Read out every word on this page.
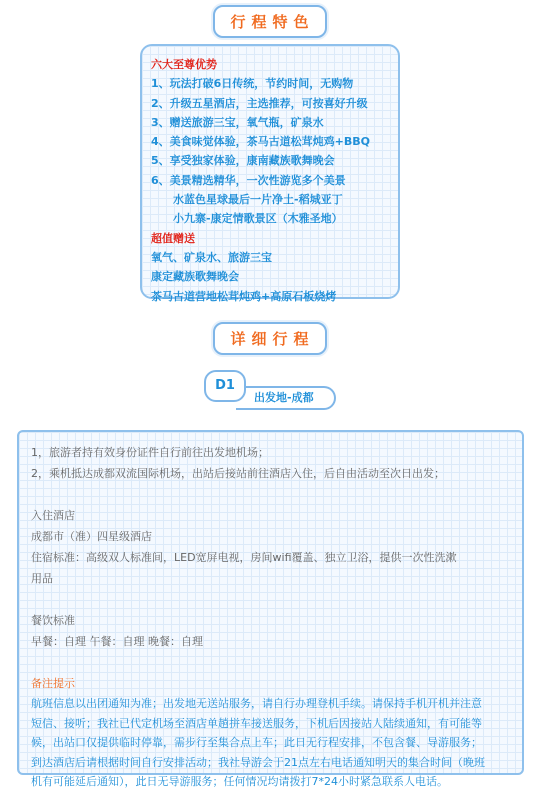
行程特色
六大至尊优势
1、玩法打破6日传统，节约时间，无购物
2、升级五星酒店，主选推荐，可按喜好升级
3、赠送旅游三宝，氧气瓶，矿泉水
4、美食味觉体验，茶马古道松茸炖鸡+BBQ
5、享受独家体验，康南藏族歌舞晚会
6、美景精选精华，一次性游览多个美景
水蓝色星球最后一片净土-稻城亚丁
小九寨-康定情歌景区（木雅圣地）
超值赠送
氧气、矿泉水、旅游三宝
康定藏族歌舞晚会
茶马古道营地松茸炖鸡+高原石板烧烤
详细行程
出发地-成都
D1
1，旅游者持有效身份证件自行前往出发地机场；
2，乘机抵达成都双流国际机场，出站后接站前往酒店入住，后自由活动至次日出发；
入住酒店
成都市（准）四星级酒店
住宿标准：高级双人标准间，LED宽屏电视，房间wifi覆盖、独立卫浴，提供一次性洗漱
用品
餐饮标准
早餐：自理 午餐：自理 晚餐：自理
备注提示
航班信息以出团通知为准；出发地无送站服务，请自行办理登机手续。请保持手机开机并注意
短信、接听；我社已代定机场至酒店单趟拼车接送服务，下机后因接站人陆续通知，有可能等
候，出站口仅提供临时停靠，需步行至集合点上车；此日无行程安排，不包含餐、导游服务；
到达酒店后请根据时间自行安排活动；我社导游会于21点左右电话通知明天的集合时间（晚班
机有可能延后通知），此日无导游服务；任何情况均请拨打7*24小时紧急联系人电话。
